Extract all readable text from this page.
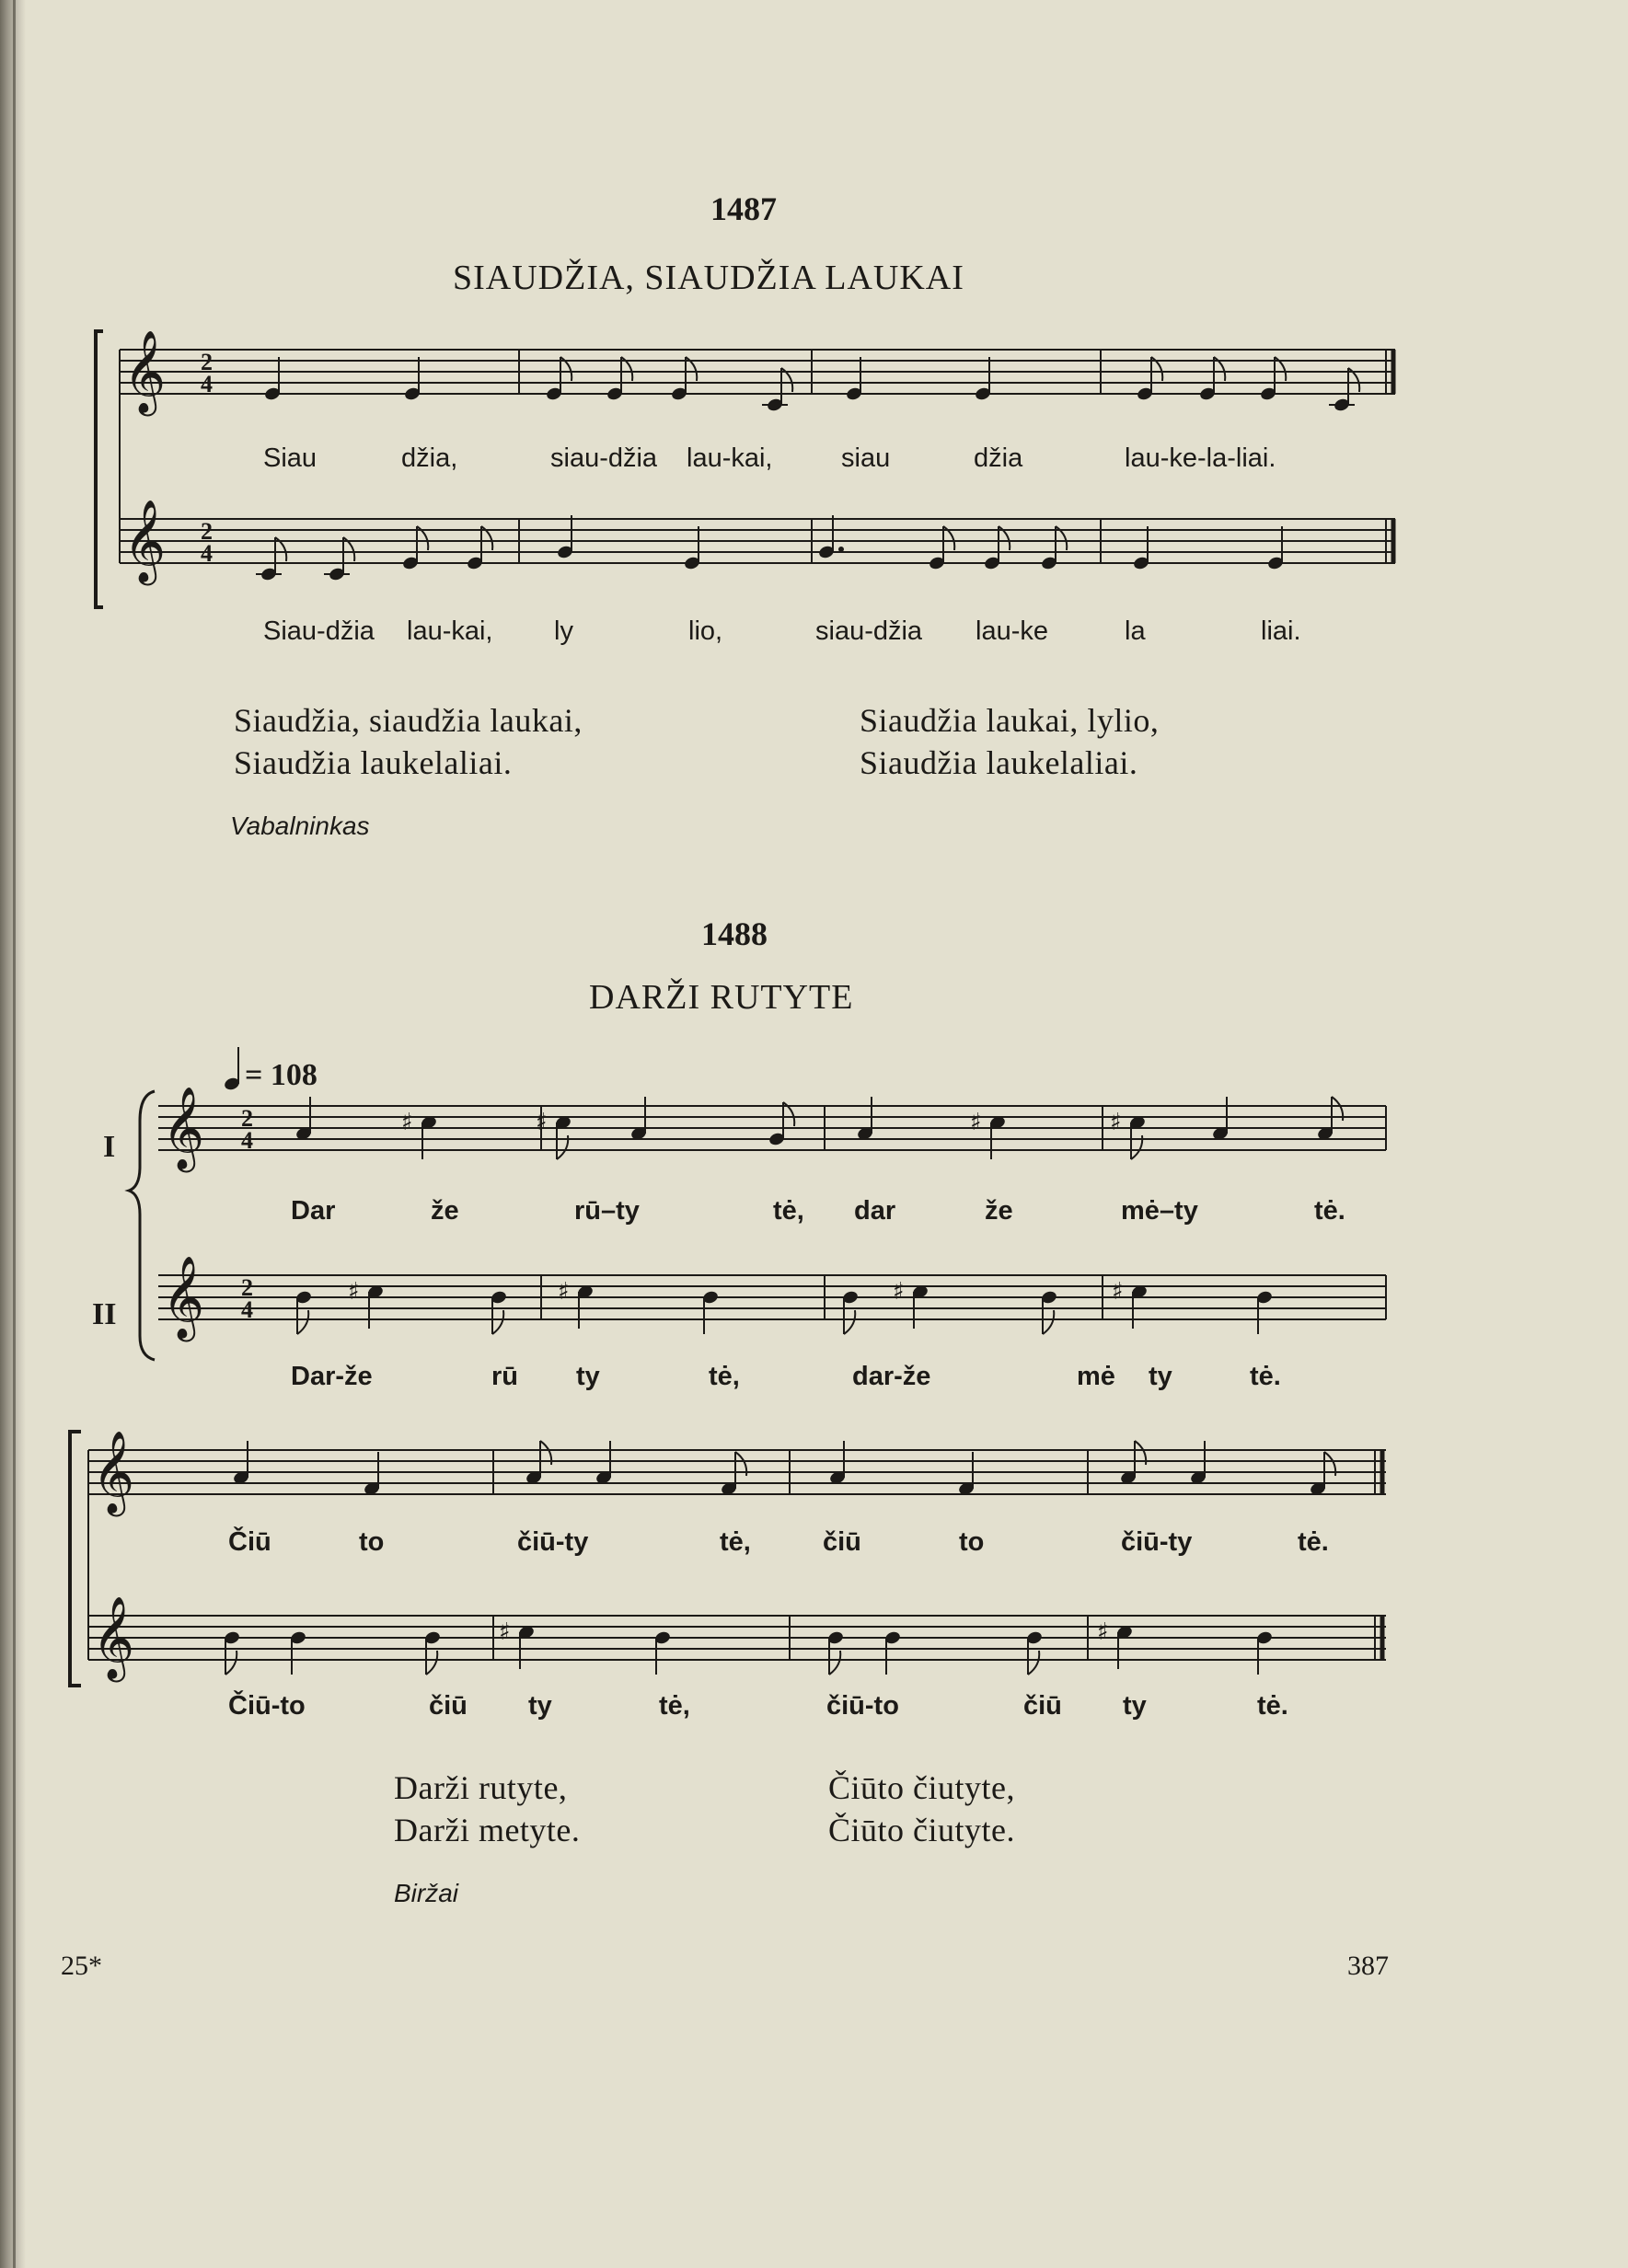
𝄞
𝄞
2
4
2
4
𝄞
𝄞
2
4
2
4
♯	♯	♯	♯
♯	♯	♯	♯
𝄞
𝄞	♯	♯
1487
SIAUDŽIA, SIAUDŽIA LAUKAI
Siau	džia,	siau-džia lau-kai,	siau	džia	lau-ke-la-liai.
Siau-džia lau-kai, ly	lio,	siau-džia lau-ke	la	liai.
Siaudžia, siaudžia laukai,
Siaudžia laukelaliai.
Siaudžia laukai, lylio,
Siaudžia laukelaliai.
Vabalninkas
1488
DARŽI RUTYTE
= 108
I
II
Dar	že	rū–ty	tė, dar	že	mė–ty	tė.
Dar-že	rū ty	tė,	dar-že	mė ty	tė.
Čiū	to	čiū-ty	tė,	čiū	to	čiū-ty	tė.
Čiū-to	čiū ty	tė,	čiū-to	čiū ty	tė.
Darži rutyte,
Darži metyte.
Čiūto čiutyte,
Čiūto čiutyte.
Biržai
25*	387
